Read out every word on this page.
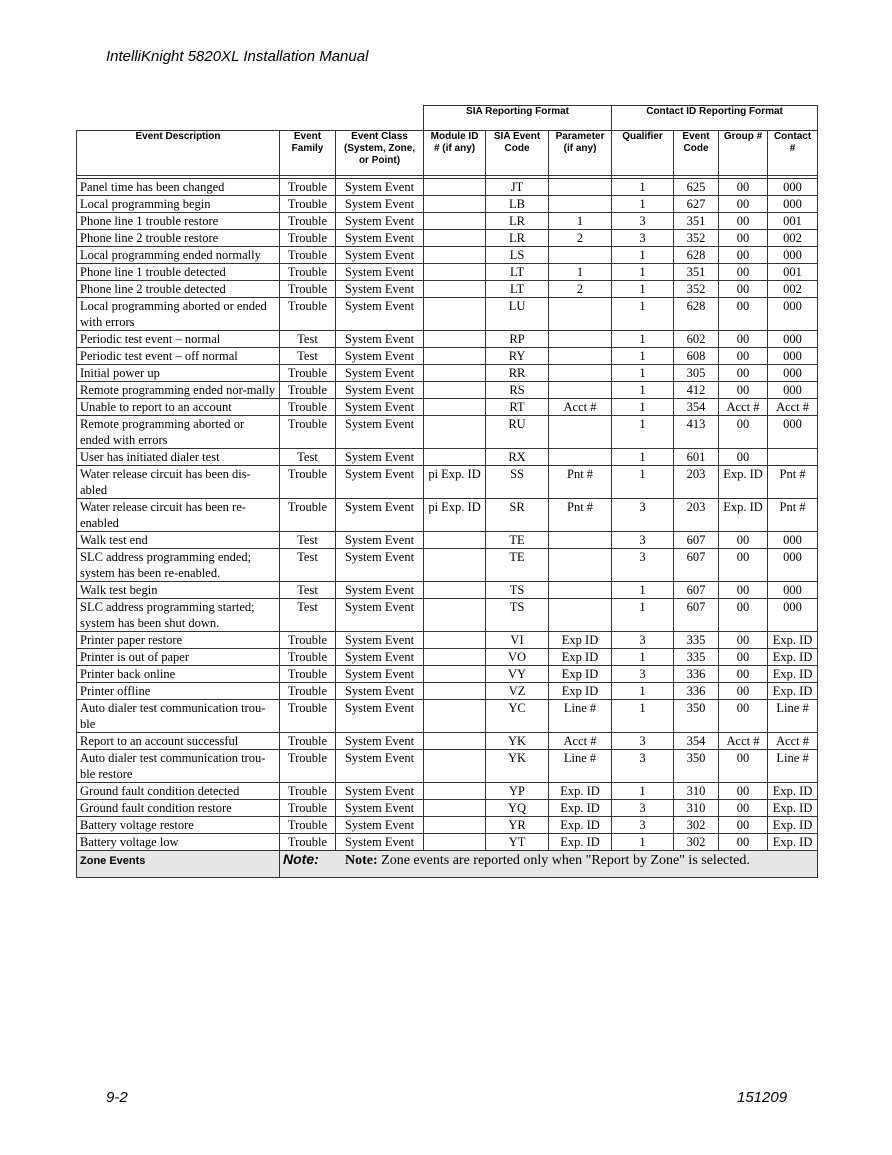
IntelliKnight 5820XL Installation Manual
			SIA Reporting Format			Contact ID Reporting Format			
Event Description	Event Family	Event Class (System, Zone, or Point)	Module ID # (if any)	SIA Event Code	Parameter (if any)	Qualifier	Event Code	Group #	Contact #

Panel time has been changed	Trouble	System Event		JT		1	625	00	000
Local programming begin	Trouble	System Event		LB		1	627	00	000
Phone line 1 trouble restore	Trouble	System Event		LR	1	3	351	00	001
Phone line 2 trouble restore	Trouble	System Event		LR	2	3	352	00	002
Local programming ended normally	Trouble	System Event		LS		1	628	00	000
Phone line 1 trouble detected	Trouble	System Event		LT	1	1	351	00	001
Phone line 2 trouble detected	Trouble	System Event		LT	2	1	352	00	002
Local programming aborted or ended with errors	Trouble	System Event		LU		1	628	00	000
Periodic test event – normal	Test	System Event		RP		1	602	00	000
Periodic test event – off normal	Test	System Event		RY		1	608	00	000
Initial power up	Trouble	System Event		RR		1	305	00	000
Remote programming ended nor-mally	Trouble	System Event		RS		1	412	00	000
Unable to report to an account	Trouble	System Event		RT	Acct #	1	354	Acct #	Acct #
Remote programming aborted or ended with errors	Trouble	System Event		RU		1	413	00	000
User has initiated dialer test	Test	System Event		RX		1	601	00	
Water release circuit has been dis-abled	Trouble	System Event	pi Exp. ID	SS	Pnt #	1	203	Exp. ID	Pnt #
Water release circuit has been re-enabled	Trouble	System Event	pi Exp. ID	SR	Pnt #	3	203	Exp. ID	Pnt #
Walk test end	Test	System Event		TE		3	607	00	000
SLC address programming ended; system has been re-enabled.	Test	System Event		TE		3	607	00	000
Walk test begin	Test	System Event		TS		1	607	00	000
SLC address programming started; system has been shut down.	Test	System Event		TS		1	607	00	000
Printer paper restore	Trouble	System Event		VI	Exp ID	3	335	00	Exp. ID
Printer is out of paper	Trouble	System Event		VO	Exp ID	1	335	00	Exp. ID
Printer back online	Trouble	System Event		VY	Exp ID	3	336	00	Exp. ID
Printer offline	Trouble	System Event		VZ	Exp ID	1	336	00	Exp. ID
Auto dialer test communication trou-ble	Trouble	System Event		YC	Line #	1	350	00	Line #
Report to an account successful	Trouble	System Event		YK	Acct #	3	354	Acct #	Acct #
Auto dialer test communication trou-ble restore	Trouble	System Event		YK	Line #	3	350	00	Line #
Ground fault condition detected	Trouble	System Event		YP	Exp. ID	1	310	00	Exp. ID
Ground fault condition restore	Trouble	System Event		YQ	Exp. ID	3	310	00	Exp. ID
Battery voltage restore	Trouble	System Event		YR	Exp. ID	3	302	00	Exp. ID
Battery voltage low	Trouble	System Event		YT	Exp. ID	1	302	00	Exp. ID
Zone Events	Note: Note: Zone events are reported only when "Report by Zone" is selected.								
9-2	151209
